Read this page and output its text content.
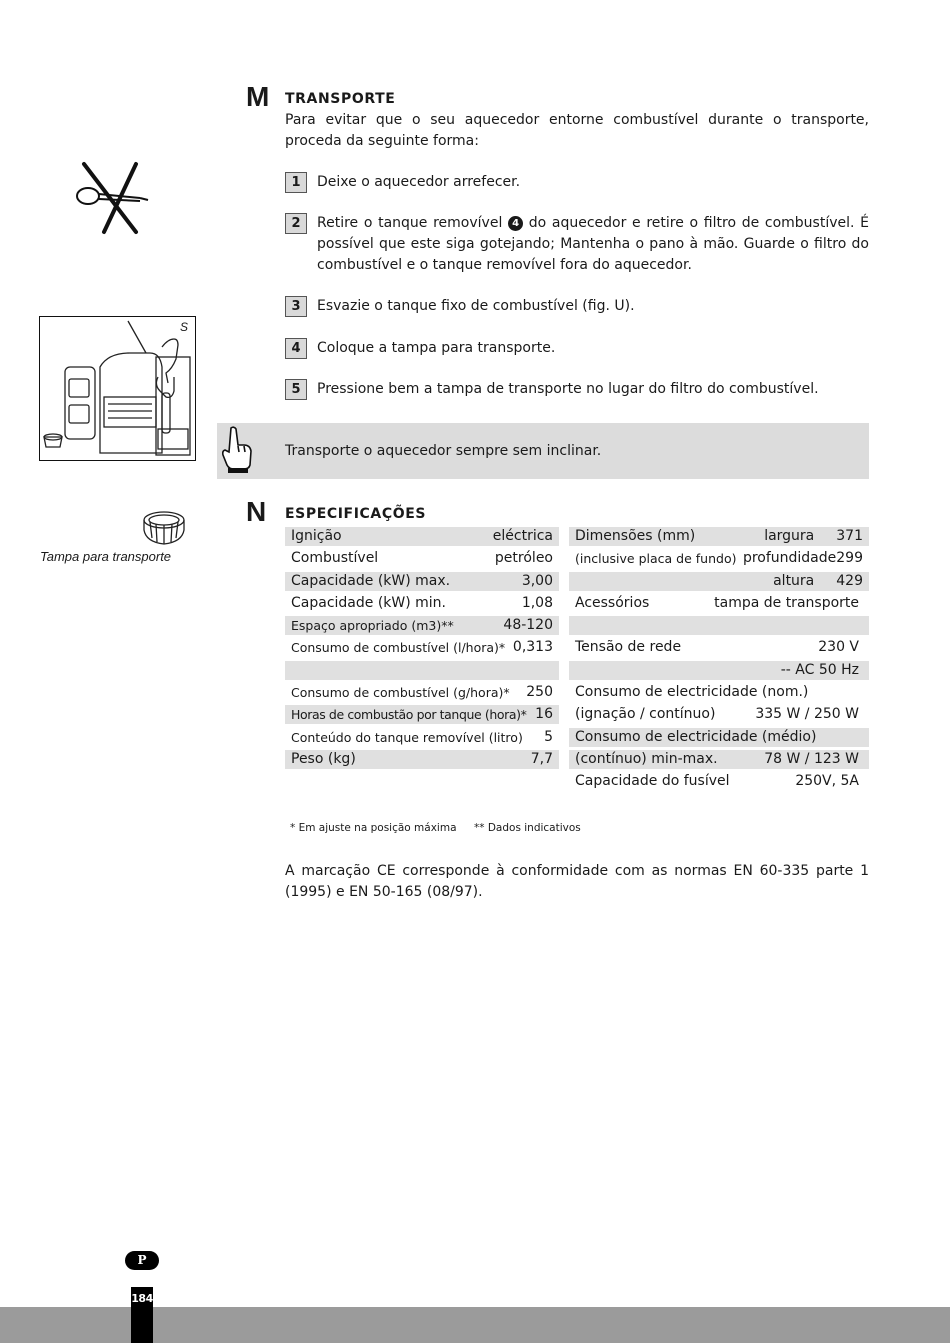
M TRANSPORTE
Para evitar que o seu aquecedor entorne combustível durante o transporte, proceda da seguinte forma:
1	Deixe o aquecedor arrefecer.
2	Retire o tanque removível 4 do aquecedor e retire o filtro de combustível. É possível que este siga gotejando; Mantenha o pano à mão. Guarde o filtro do combustível e o tanque removível fora do aquecedor.
3	Esvazie o tanque fixo de combustível (fig. U).
4	Coloque a tampa para transporte.
5	Pressione bem a tampa de transporte no lugar do filtro do combustível.
S
Transporte o aquecedor sempre sem inclinar.
N ESPECIFICAÇÕES
Tampa para transporte
Ignição	eléctrica
Combustível	petróleo
Capacidade (kW) max.	3,00
Capacidade (kW) min.	1,08
Espaço apropriado (m3)**	48-120
Consumo de combustível (l/hora)* 0,313
Consumo de combustível (g/hora)* 250
Horas de combustão por tanque (hora)* 16
Conteúdo do tanque removível (litro) 5
Peso (kg)	7,7
Dimensões (mm)	largura	371
(inclusive placa de fundo) profundidade 299
altura	429
Acessórios	tampa de transporte
Tensão de rede	230 V
-- AC 50 Hz
Consumo de electricidade (nom.)
(ignação / contínuo)	335 W / 250 W
Consumo de electricidade (médio)
(contínuo) min-max.	78 W / 123 W
Capacidade do fusível	250V, 5A
* Em ajuste na posição máxima ** Dados indicativos
A marcação CE corresponde à conformidade com as normas EN 60-335 parte 1 (1995) e EN 50-165 (08/97).
P
184
